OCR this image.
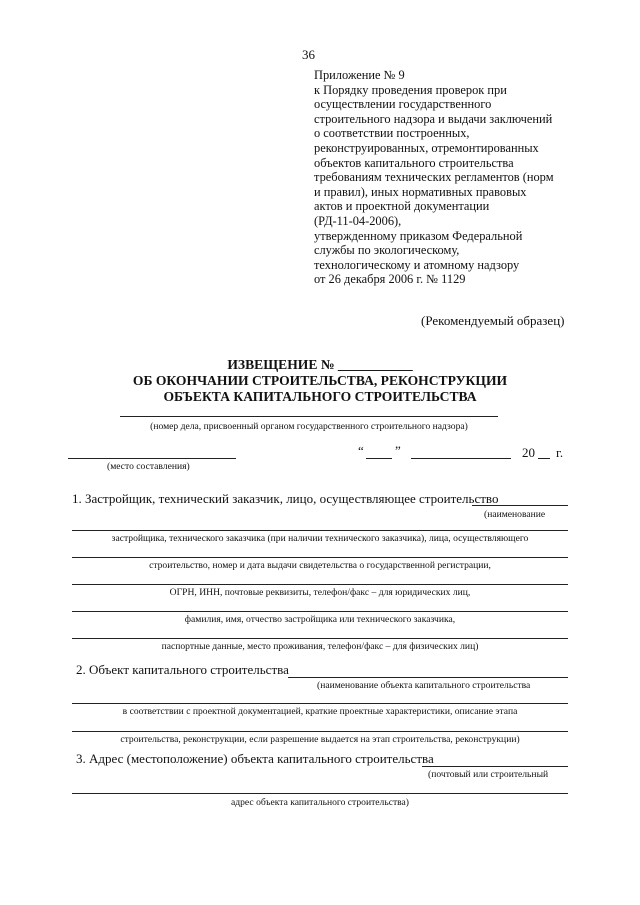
36
Приложение № 9
к Порядку проведения проверок при
осуществлении государственного
строительного надзора и выдачи заключений
о соответствии построенных,
реконструированных, отремонтированных
объектов капитального строительства
требованиям технических регламентов (норм
и правил), иных нормативных правовых
актов и проектной документации
(РД-11-04-2006),
утвержденному приказом Федеральной
службы по экологическому,
технологическому и атомному надзору
от 26 декабря 2006 г. № 1129
(Рекомендуемый образец)
ИЗВЕЩЕНИЕ № ___________
ОБ ОКОНЧАНИИ СТРОИТЕЛЬСТВА, РЕКОНСТРУКЦИИ
ОБЪЕКТА КАПИТАЛЬНОГО СТРОИТЕЛЬСТВА
(номер дела, присвоенный органом государственного строительного надзора)
“ ”	20 г.
(место составления)
1. Застройщик, технический заказчик, лицо, осуществляющее строительство
(наименование
застройщика, технического заказчика (при наличии технического заказчика), лица, осуществляющего
строительство, номер и дата выдачи свидетельства о государственной регистрации,
ОГРН, ИНН, почтовые реквизиты, телефон/факс – для юридических лиц,
фамилия, имя, отчество застройщика или технического заказчика,
паспортные данные, место проживания, телефон/факс – для физических лиц)
2. Объект капитального строительства
(наименование объекта капитального строительства
в соответствии с проектной документацией, краткие проектные характеристики, описание этапа
строительства, реконструкции, если разрешение выдается на этап строительства, реконструкции)
3. Адрес (местоположение) объекта капитального строительства
(почтовый или строительный
адрес объекта капитального строительства)
